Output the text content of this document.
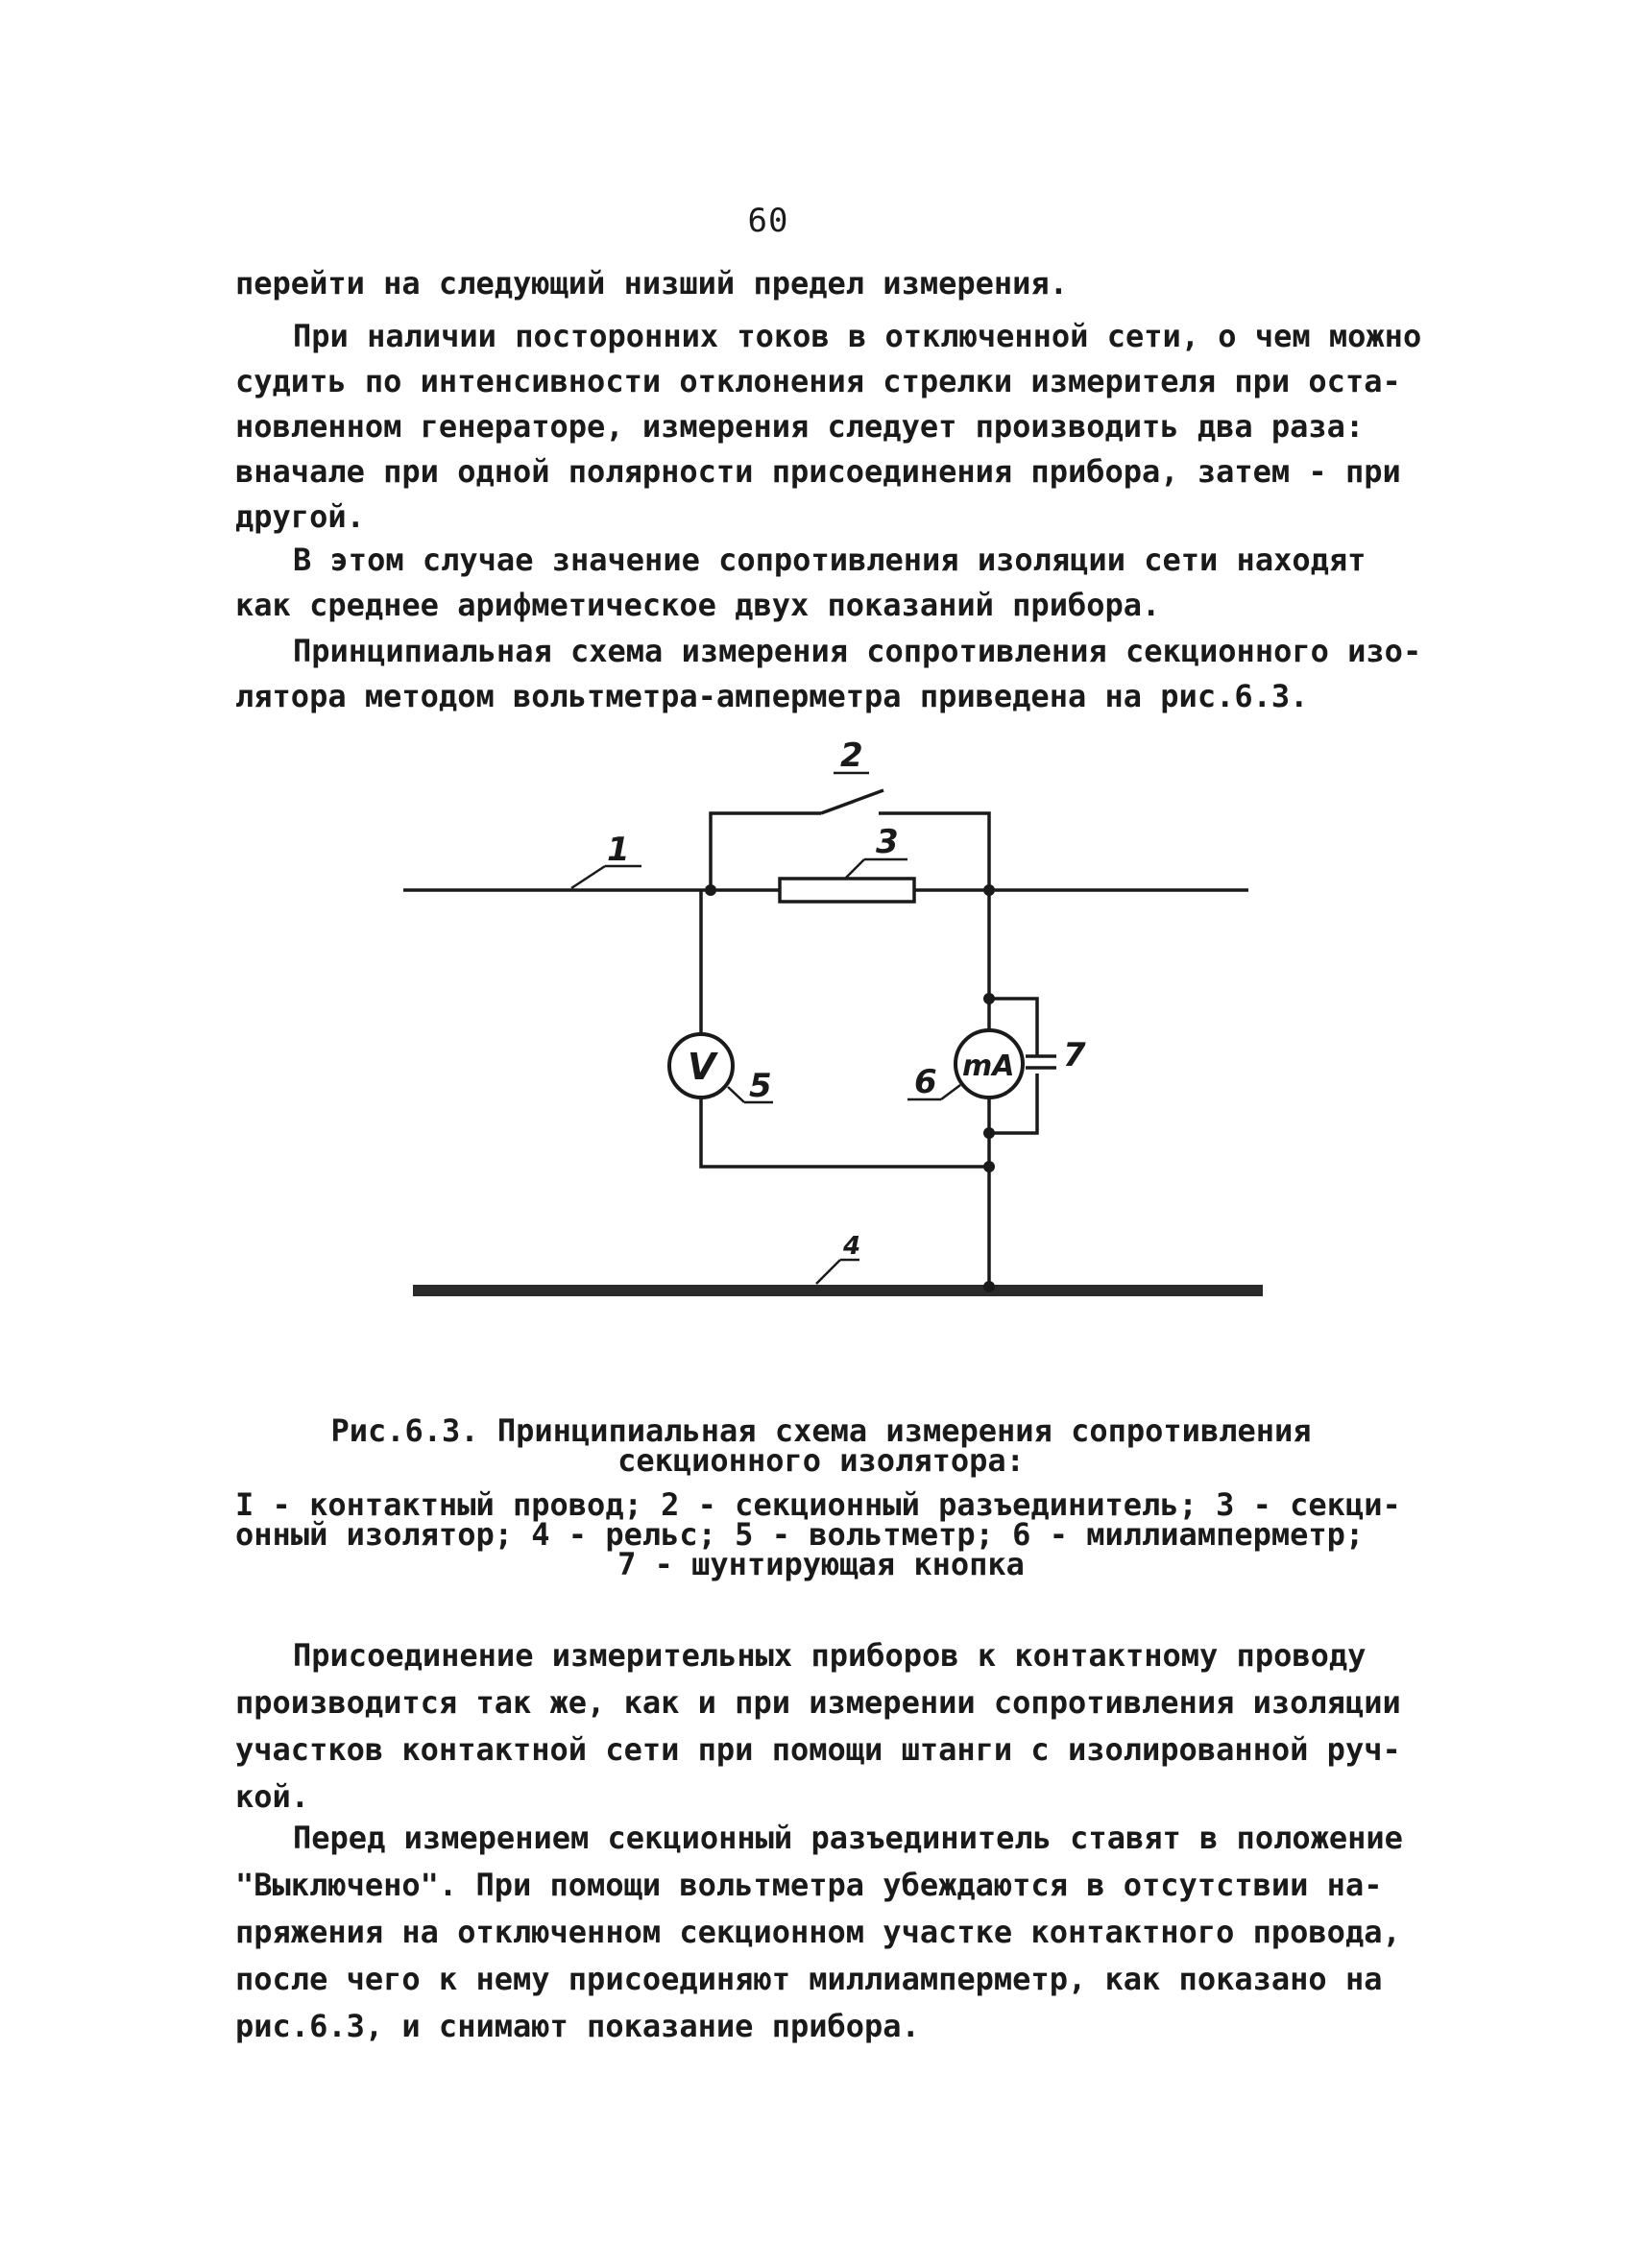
60
перейти на следующий низший предел измерения.
При наличии посторонних токов в отключенной сети, о чем можно
судить по интенсивности отклонения стрелки измерителя при оста-
новленном генераторе, измерения следует производить два раза:
вначале при одной полярности присоединения прибора, затем - при
другой.
В этом случае значение сопротивления изоляции сети находят
как среднее арифметическое двух показаний прибора.
Принципиальная схема измерения сопротивления секционного изо-
лятора методом вольтметра-амперметра приведена на рис.6.3.
1
2
3
V 5
mA 7
6
4
Рис.6.3. Принципиальная схема измерения сопротивления
секционного изолятора:
I - контактный провод; 2 - секционный разъединитель; 3 - секци-
онный изолятор; 4 - рельс; 5 - вольтметр; 6 - миллиамперметр;
7 - шунтирующая кнопка
Присоединение измерительных приборов к контактному проводу
производится так же, как и при измерении сопротивления изоляции
участков контактной сети при помощи штанги с изолированной руч-
кой.
Перед измерением секционный разъединитель ставят в положение
"Выключено". При помощи вольтметра убеждаются в отсутствии на-
пряжения на отключенном секционном участке контактного провода,
после чего к нему присоединяют миллиамперметр, как показано на
рис.6.3, и снимают показание прибора.
